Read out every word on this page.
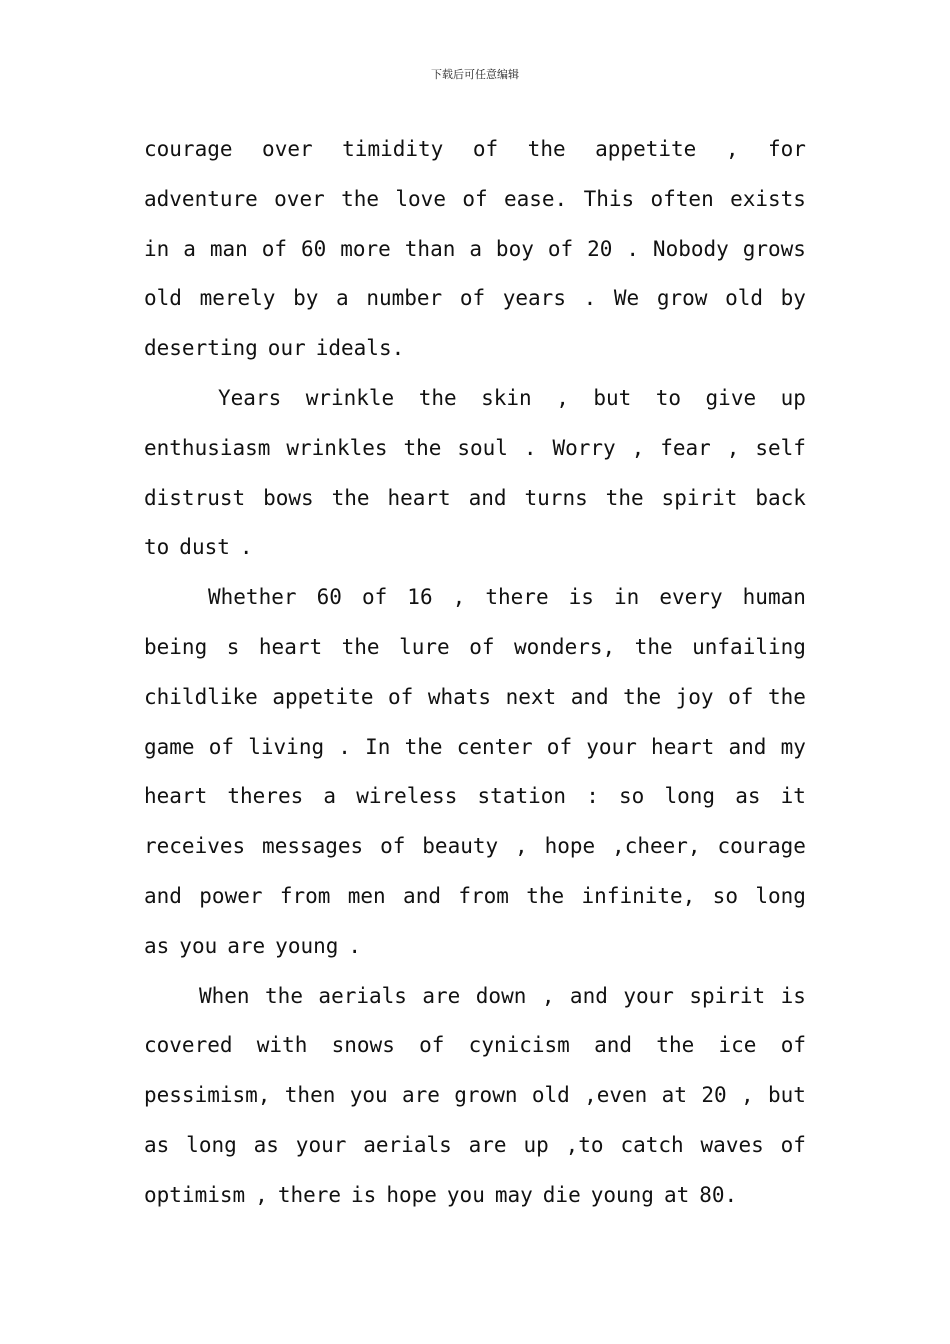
下载后可任意编辑
courage over timidity of the appetite , for
adventure over the love of ease. This often exists
in a man of 60 more than a boy of 20 . Nobody grows
old merely by a number of years . We grow old by
deserting our ideals.
Years wrinkle the skin , but to give up
enthusiasm wrinkles the soul . Worry , fear , self
distrust bows the heart and turns the spirit back
to dust .
Whether 60 of 16 , there is in every human
being s heart the lure of wonders, the unfailing
childlike appetite of whats next and the joy of the
game of living . In the center of your heart and my
heart theres a wireless station : so long as it
receives messages of beauty , hope ,cheer, courage
and power from men and from the infinite, so long
as you are young .
When the aerials are down , and your spirit is
covered with snows of cynicism and the ice of
pessimism, then you are grown old ,even at 20 , but
as long as your aerials are up ,to catch waves of
optimism , there is hope you may die young at 80.
